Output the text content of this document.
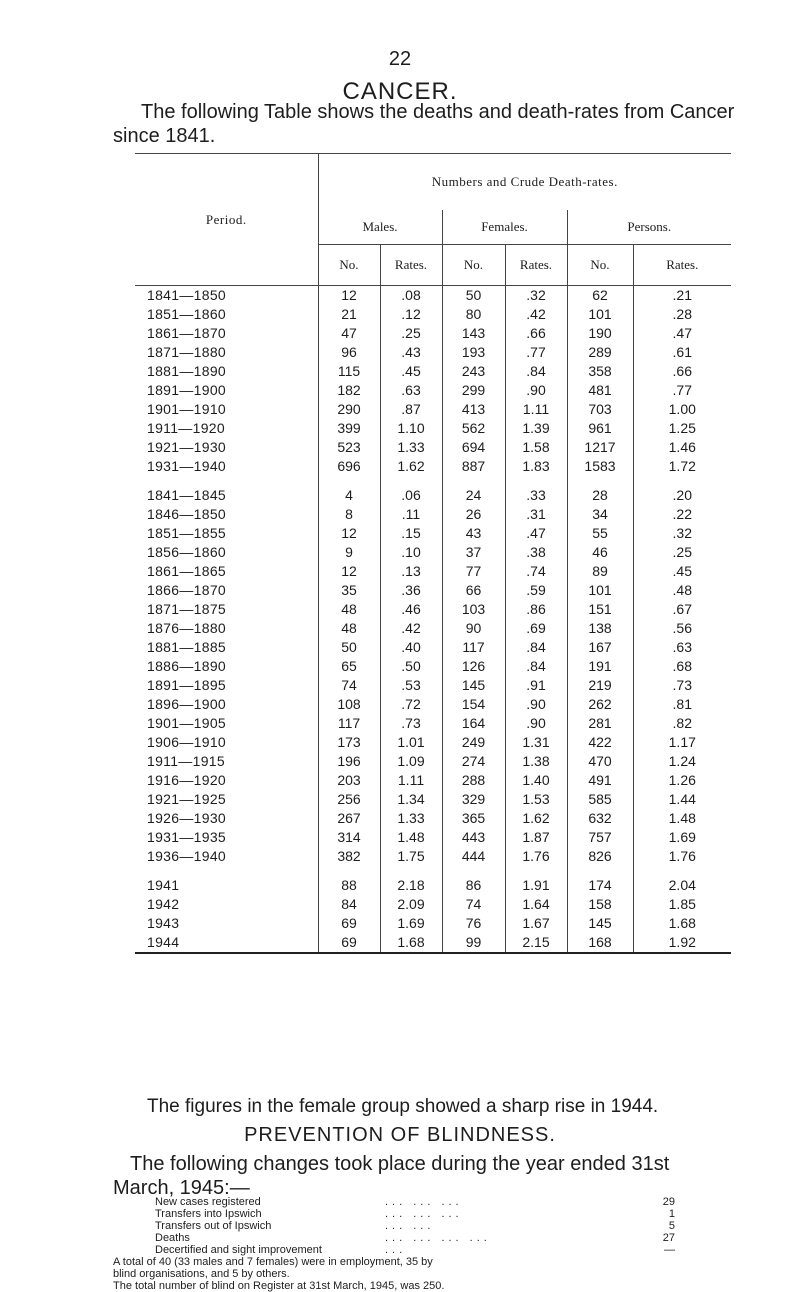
22
CANCER.
The following Table shows the deaths and death-rates from Cancer
since 1841.
Period.	Numbers and Crude Death-rates.					
	Males.		Females.		Persons.	
	No.	Rates.	No.	Rates.	No.	Rates.
1841—1850	12	.08	50	.32	62	.21
1851—1860	21	.12	80	.42	101	.28
1861—1870	47	.25	143	.66	190	.47
1871—1880	96	.43	193	.77	289	.61
1881—1890	115	.45	243	.84	358	.66
1891—1900	182	.63	299	.90	481	.77
1901—1910	290	.87	413	1.11	703	1.00
1911—1920	399	1.10	562	1.39	961	1.25
1921—1930	523	1.33	694	1.58	1217	1.46
1931—1940	696	1.62	887	1.83	1583	1.72

1841—1845	4	.06	24	.33	28	.20
1846—1850	8	.11	26	.31	34	.22
1851—1855	12	.15	43	.47	55	.32
1856—1860	9	.10	37	.38	46	.25
1861—1865	12	.13	77	.74	89	.45
1866—1870	35	.36	66	.59	101	.48
1871—1875	48	.46	103	.86	151	.67
1876—1880	48	.42	90	.69	138	.56
1881—1885	50	.40	117	.84	167	.63
1886—1890	65	.50	126	.84	191	.68
1891—1895	74	.53	145	.91	219	.73
1896—1900	108	.72	154	.90	262	.81
1901—1905	117	.73	164	.90	281	.82
1906—1910	173	1.01	249	1.31	422	1.17
1911—1915	196	1.09	274	1.38	470	1.24
1916—1920	203	1.11	288	1.40	491	1.26
1921—1925	256	1.34	329	1.53	585	1.44
1926—1930	267	1.33	365	1.62	632	1.48
1931—1935	314	1.48	443	1.87	757	1.69
1936—1940	382	1.75	444	1.76	826	1.76

1941	88	2.18	86	1.91	174	2.04
1942	84	2.09	74	1.64	158	1.85
1943	69	1.69	76	1.67	145	1.68
1944	69	1.68	99	2.15	168	1.92
The figures in the female group showed a sharp rise in 1944.
PREVENTION OF BLINDNESS.
The following changes took place during the year ended 31st
March, 1945:—
New cases registered	... ... ...	29
Transfers into Ipswich	... ... ...	1
Transfers out of Ipswich	... ...	5
Deaths	... ... ... ...	27
Decertified and sight improvement	...	—
A total of 40 (33 males and 7 females) were in employment, 35 by
blind organisations, and 5 by others.
The total number of blind on Register at 31st March, 1945, was 250.
